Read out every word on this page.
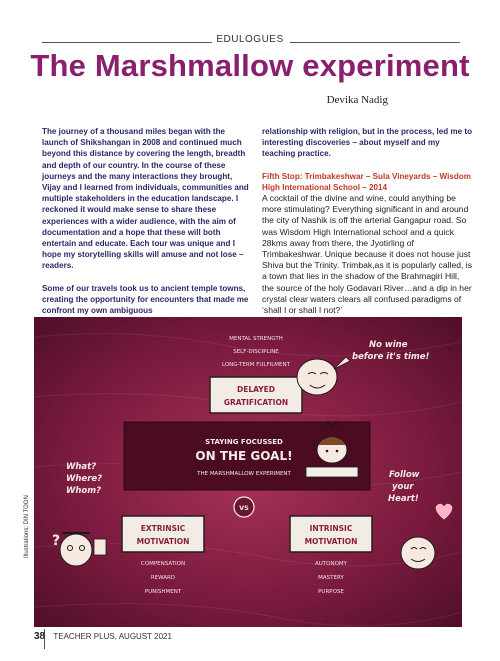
EDULOGUES
The Marshmallow experiment
Devika Nadig

The journey of a thousand miles began with the launch of Shikshangan in 2008 and continued much beyond this distance by covering the length, breadth and depth of our country. In the course of these journeys and the many interactions they brought, Vijay and I learned from individuals, communities and multiple stakeholders in the education landscape. I reckoned it would make sense to share these experiences with a wider audience, with the aim of documentation and a hope that these will both entertain and educate. Each tour was unique and I hope my storytelling skills will amuse and not lose – readers.

Some of our travels took us to ancient temple towns, creating the opportunity for encounters that made me confront my own ambiguous

relationship with religion, but in the process, led me to interesting discoveries – about myself and my teaching practice.

Fifth Stop: Trimbakeshwar – Sula Vineyards – Wisdom High International School – 2014

A cocktail of the divine and wine, could anything be more stimulating? Everything significant in and around the city of Nashik is off the arterial Gangapur road. So was Wisdom High International school and a quick 28kms away from there, the Jyotirling of Trimbakeshwar. Unique because it does not house just Shiva but the Trinity. Trimbak,as it is popularly called, is a town that lies in the shadow of the Brahmagiri Hill, the source of the holy Godavari River…and a dip in her crystal clear waters clears all confused paradigms of ‘shall I or shall I not?’

MENTAL STRENGTH
SELF-DISCIPLINE
LONG-TERM FULFILMENT
DELAYED
GRATIFICATION
STAYING FOCUSSED
ON THE GOAL!
THE MARSHMALLOW EXPERIMENT
VS
EXTRINSIC
MOTIVATION
COMPENSATION
REWARD
PUNISHMENT
INTRINSIC
MOTIVATION
AUTONOMY
MASTERY
PURPOSE
No wine
before it's time!
?
What?
Where?
Whom?
Follow
your
Heart!
Illustrations: DIN TOON
38 TEACHER PLUS, AUGUST 2021
